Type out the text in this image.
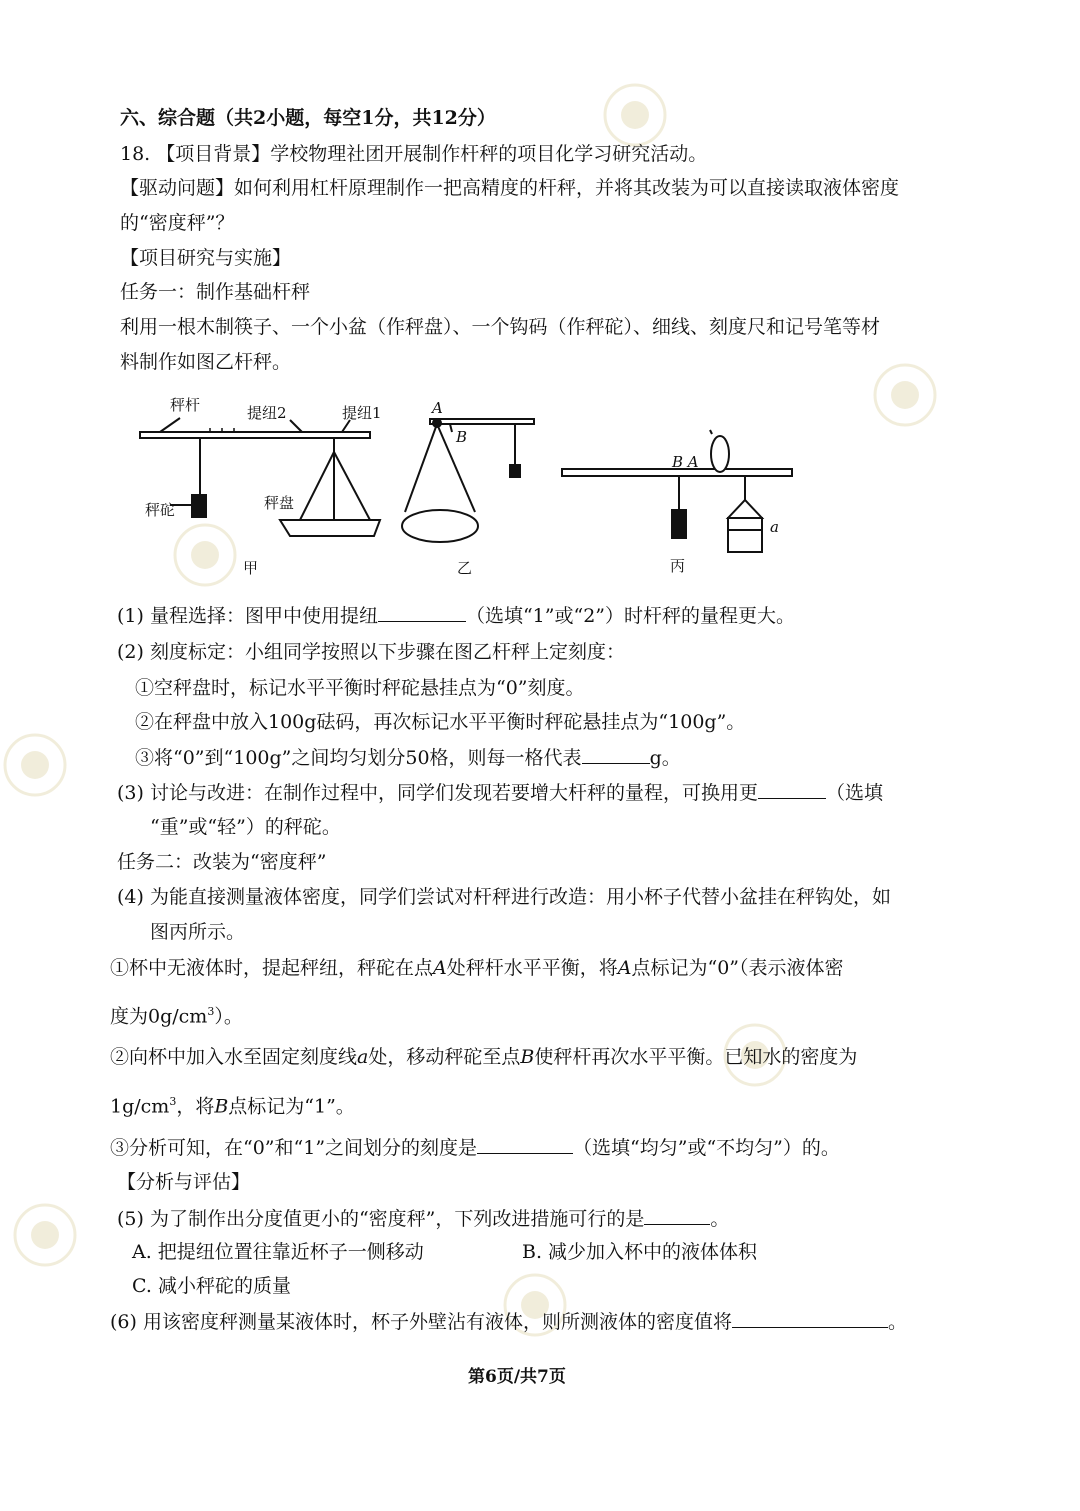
六、综合题（共2小题，每空1分，共12分）
18. 【项目背景】学校物理社团开展制作杆秤的项目化学习研究活动。
【驱动问题】如何利用杠杆原理制作一把高精度的杆秤，并将其改装为可以直接读取液体密度
的“密度秤”？
【项目研究与实施】
任务一：制作基础杆秤
利用一根木制筷子、一个小盆（作秤盘）、一个钩码（作秤砣）、细线、刻度尺和记号笔等材
料制作如图乙杆秤。
秤杆	提纽2	提纽1
秤砣	秤盘
甲	乙	丙
A
B
B A
a
(1) 量程选择：图甲中使用提纽	（选填“1”或“2”）时杆秤的量程更大。
(2) 刻度标定：小组同学按照以下步骤在图乙杆秤上定刻度：
①空秤盘时，标记水平平衡时秤砣悬挂点为“0”刻度。
②在秤盘中放入100g砝码，再次标记水平平衡时秤砣悬挂点为“100g”。
③将“0”到“100g”之间均匀划分50格，则每一格代表	g。
(3) 讨论与改进：在制作过程中，同学们发现若要增大杆秤的量程，可换用更	（选填
“重”或“轻”）的秤砣。
任务二：改装为“密度秤”
(4) 为能直接测量液体密度，同学们尝试对杆秤进行改造：用小杯子代替小盆挂在秤钩处，如
图丙所示。
①杯中无液体时，提起秤纽，秤砣在点A处秤杆水平平衡，将A点标记为“0”（表示液体密
度为$0g/cm^3$）。
②向杯中加入水至固定刻度线a处，移动秤砣至点B使秤杆再次水平平衡。已知水的密度为
$1g/cm^3$，将B点标记为“1”。
③分析可知，在“0”和“1”之间划分的刻度是	（选填“均匀”或“不均匀”）的。
【分析与评估】
(5) 为了制作出分度值更小的“密度秤”，下列改进措施可行的是	。
A. 把提纽位置往靠近杯子一侧移动	B. 减少加入杯中的液体体积
C. 减小秤砣的质量
(6) 用该密度秤测量某液体时，杯子外壁沾有液体，则所测液体的密度值将	。
第6页/共7页
